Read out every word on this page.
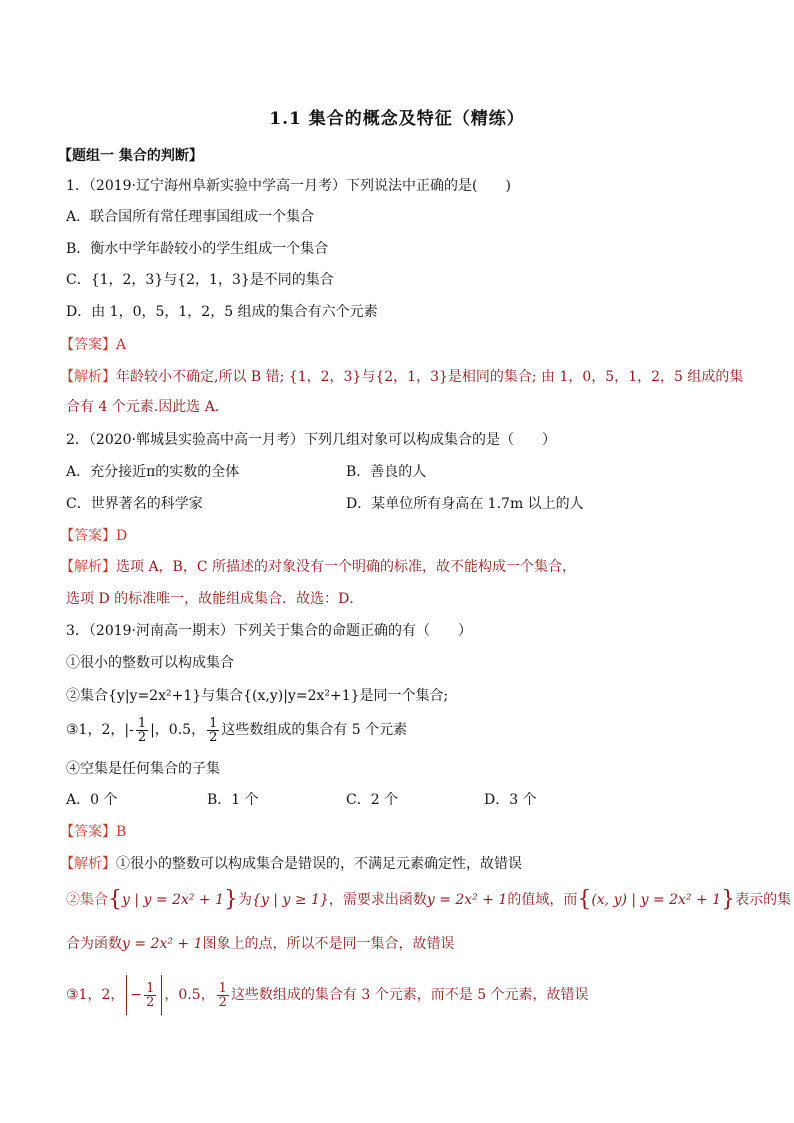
1.1 集合的概念及特征（精练）
【题组一 集合的判断】
1．（2019·辽宁海州阜新实验中学高一月考）下列说法中正确的是(　　)
A．联合国所有常任理事国组成一个集合
B．衡水中学年龄较小的学生组成一个集合
C．{1，2，3}与{2，1，3}是不同的集合
D．由 1，0，5，1，2，5 组成的集合有六个元素
【答案】A
【解析】年龄较小不确定,所以 B 错; {1，2，3}与{2，1，3}是相同的集合; 由 1，0，5，1，2，5 组成的集
合有 4 个元素.因此选 A.
2．（2020·郸城县实验高中高一月考）下列几组对象可以构成集合的是（　　）
A．充分接近π的实数的全体	B．善良的人
C．世界著名的科学家	D．某单位所有身高在 1.7m 以上的人
【答案】D
【解析】选项 A，B，C 所描述的对象没有一个明确的标准，故不能构成一个集合，
选项 D 的标准唯一，故能组成集合．故选：D．
3．（2019·河南高一期末）下列关于集合的命题正确的有（　　）
①很小的整数可以构成集合
②集合{y|y=2x²+1}与集合{(x,y)|y=2x²+1}是同一个集合;
③1，2，|- $\frac{1}{2}$ |，0.5， $\frac{1}{2}$ 这些数组成的集合有 5 个元素
④空集是任何集合的子集
A．0 个	B．1 个	C．2 个	D．3 个
【答案】B
【解析】①很小的整数可以构成集合是错误的，不满足元素确定性，故错误
②集合{y | y = 2x² + 1}为{y | y ≥ 1}，需要求出函数y = 2x² + 1的值域，而{(x, y) | y = 2x² + 1}表示的集
合为函数y = 2x² + 1图象上的点，所以不是同一集合，故错误
③1，2， − $\frac{1}{2}$ ，0.5， $\frac{1}{2}$ 这些数组成的集合有 3 个元素，而不是 5 个元素，故错误
